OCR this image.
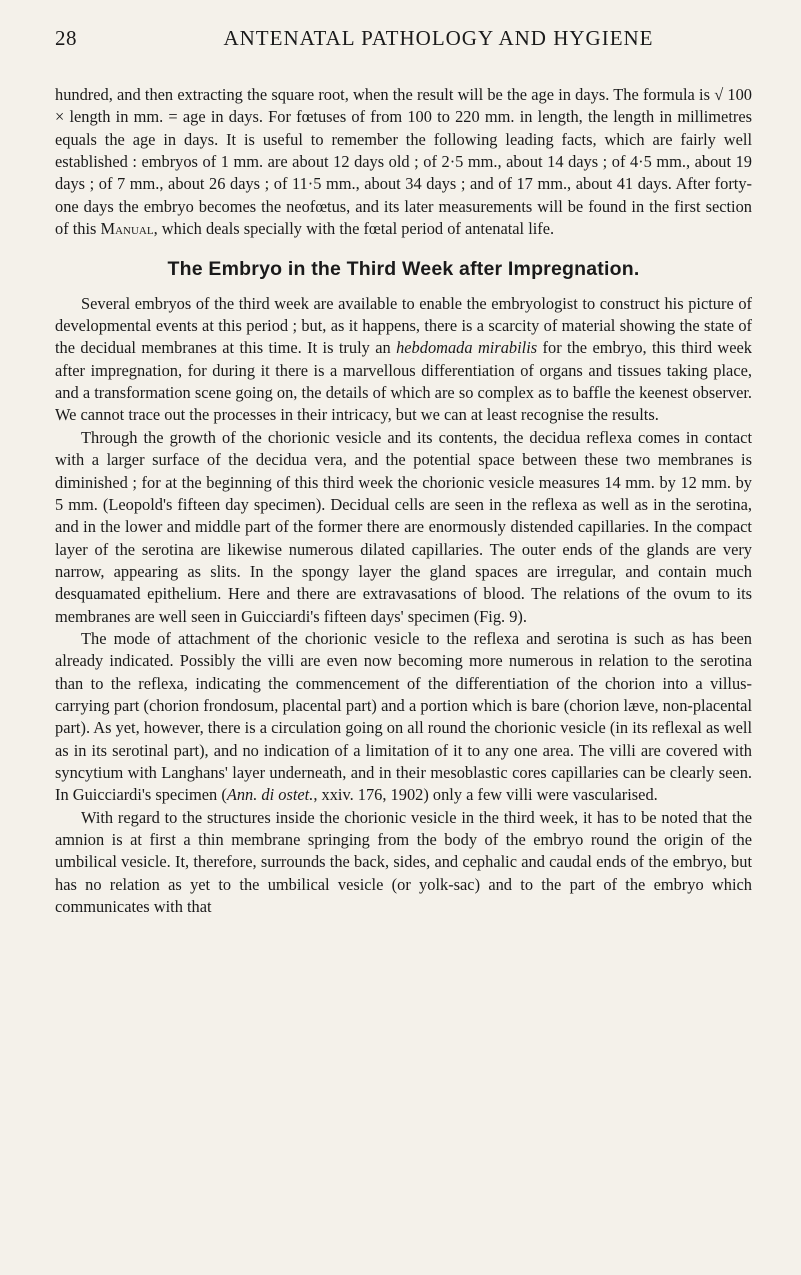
28	ANTENATAL PATHOLOGY AND HYGIENE

hundred, and then extracting the square root, when the result will be the age in days. The formula is √ 100 × length in mm. = age in days. For fœtuses of from 100 to 220 mm. in length, the length in millimetres equals the age in days. It is useful to remember the following leading facts, which are fairly well established : embryos of 1 mm. are about 12 days old ; of 2·5 mm., about 14 days ; of 4·5 mm., about 19 days ; of 7 mm., about 26 days ; of 11·5 mm., about 34 days ; and of 17 mm., about 41 days. After forty-one days the embryo becomes the neofœtus, and its later measurements will be found in the first section of this Manual, which deals specially with the fœtal period of antenatal life.

The Embryo in the Third Week after Impregnation.

Several embryos of the third week are available to enable the embryologist to construct his picture of developmental events at this period ; but, as it happens, there is a scarcity of material showing the state of the decidual membranes at this time. It is truly an hebdomada mirabilis for the embryo, this third week after impregnation, for during it there is a marvellous differentiation of organs and tissues taking place, and a transformation scene going on, the details of which are so complex as to baffle the keenest observer. We cannot trace out the processes in their intricacy, but we can at least recognise the results.

Through the growth of the chorionic vesicle and its contents, the decidua reflexa comes in contact with a larger surface of the decidua vera, and the potential space between these two membranes is diminished ; for at the beginning of this third week the chorionic vesicle measures 14 mm. by 12 mm. by 5 mm. (Leopold's fifteen day specimen). Decidual cells are seen in the reflexa as well as in the serotina, and in the lower and middle part of the former there are enormously distended capillaries. In the compact layer of the serotina are likewise numerous dilated capillaries. The outer ends of the glands are very narrow, appearing as slits. In the spongy layer the gland spaces are irregular, and contain much desquamated epithelium. Here and there are extravasations of blood. The relations of the ovum to its membranes are well seen in Guicciardi's fifteen days' specimen (Fig. 9).

The mode of attachment of the chorionic vesicle to the reflexa and serotina is such as has been already indicated. Possibly the villi are even now becoming more numerous in relation to the serotina than to the reflexa, indicating the commencement of the differentiation of the chorion into a villus-carrying part (chorion frondosum, placental part) and a portion which is bare (chorion læve, non-placental part). As yet, however, there is a circulation going on all round the chorionic vesicle (in its reflexal as well as in its serotinal part), and no indication of a limitation of it to any one area. The villi are covered with syncytium with Langhans' layer underneath, and in their mesoblastic cores capillaries can be clearly seen. In Guicciardi's specimen (Ann. di ostet., xxiv. 176, 1902) only a few villi were vascularised.

With regard to the structures inside the chorionic vesicle in the third week, it has to be noted that the amnion is at first a thin membrane springing from the body of the embryo round the origin of the umbilical vesicle. It, therefore, surrounds the back, sides, and cephalic and caudal ends of the embryo, but has no relation as yet to the umbilical vesicle (or yolk-sac) and to the part of the embryo which communicates with that
